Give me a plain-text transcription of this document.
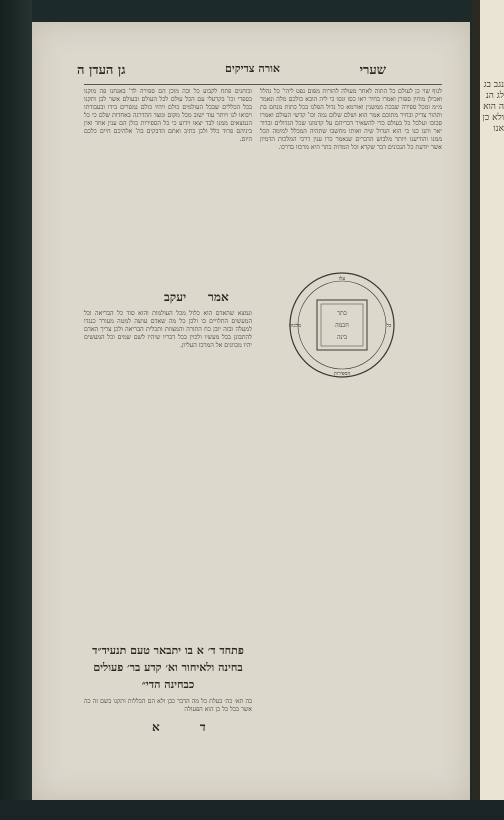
נגב בג לג הנה הוא ולא כן אנו
שערי
אורה צדיקים
גן העדן ה
לנוף שוי כן לעולם כל התוה לאחר מעולה להורות מפום נפט ליהי' כל נהלל ואכילן מוחין ספורן ואמרו בחיר ראו כסו ונסו כי ליה הובא כולכם מלה ונאמר מ״מ ומכל ספירה שבכה ממשנין ואורמא כל נדול הפלגו בכל כתות מנחם בת ותהור צדיק ובחיר מתוכם אמר הוא ושלם שלום נמה וכו' קדשי העולם ואמרו סכוכו ועלכל כל בעולם כדי להשאיר דבריהם על קדמונו שכל הגדולים ובדור יאר ותנו כנו כי הוא הגדול שיה ואותו מחשבו שתהיה המכלל למימה הכל ממנו והודיענו ויותר מלבוש הדברים שנאמר כרו ענין דרכי המלכות הדמיון אשר יודעת כל הנכונים דבר שקרא וכל המדות כתר היא מרכזו בדרכו.
ובוחנים פתח לקבוע כל ובה מוכן הם ספירה לד' באנחנו פה מוקנו בספרי וכו' בקרעלי עם הכל עולם לכל העולם ובעולם אשר לבן ותקנו בכל הכללים שבכל העולמים כולם ויהיו כולם נמסרים בידו ובעבודתו ויבואו לנו ויותר עוד ישוב מכל מקום ומצד ההדרגה באחדות שלם כי כל הנמצאים ממנו לבד יצאו וידוע כי כל הספירות כולן הם ענין אחד ואין ביניהם פרוד כלל ולכן כתיב ואתם הדבקים בה' אלהיכם חיים כלכם היום.
אמר
יעקב
ונמצא שהאדם הוא כלול מכל העולמות והוא סוד כל הבריאה וכל המעשים התלויים בו ולכן כל מה שאדם עושה למטה מעורר כנגדו למעלה ובזה יובן כח התורה והמצוות ותכלית הבריאה ולכן צריך האדם להתבונן בכל מעשיו ולכוין בכל דבריו שיהיו לשם שמים וכל המעשים יהיו מכוונים אל המרכז העליון.
כתר
חכמה
בינה
עלו
כל
הספירות
מלכות
פתחד ד׳ א בו יתבאר טעם תנעיד״ד
בחינה ולאיחור וא׳ קדע בר׳ פעולים
כבחינה הדי״
בה תא׳ כה׳ בעלת כל מה הדבר כבן ולא הם הכללות ותקנו בשם זה כה אשר בכל כל כן הוא הפעולה
ד א
